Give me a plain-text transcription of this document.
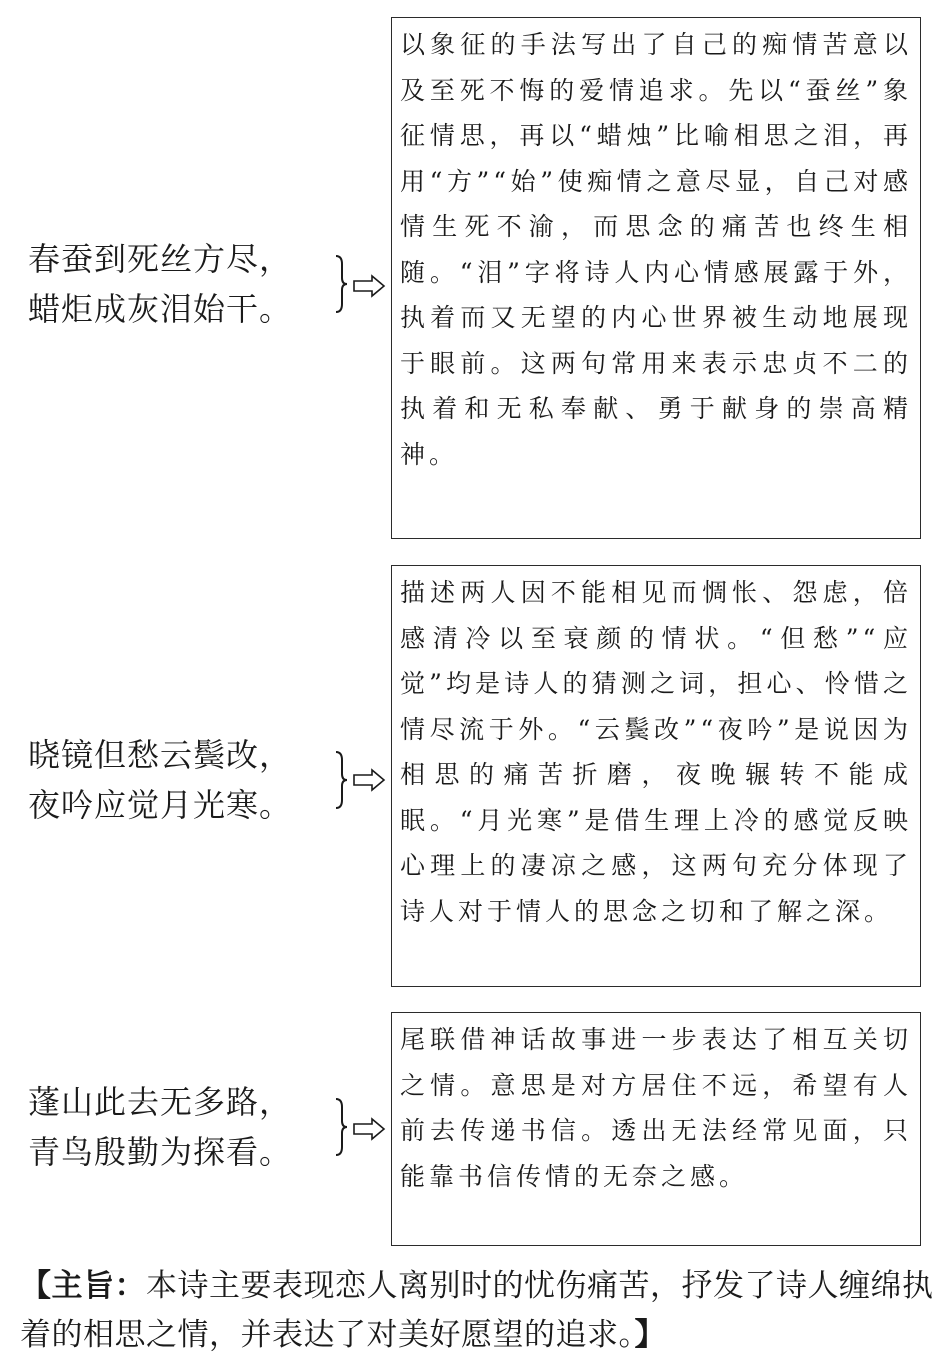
春蚕到死丝方尽，
蜡炬成灰泪始干。
以象征的手法写出了自己的痴情苦意以及至死不悔的爱情追求。先以“蚕丝”象征情思，再以“蜡烛”比喻相思之泪，再用“方”“始”使痴情之意尽显，自己对感情生死不渝，而思念的痛苦也终生相随。“泪”字将诗人内心情感展露于外，执着而又无望的内心世界被生动地展现于眼前。这两句常用来表示忠贞不二的执着和无私奉献、勇于献身的崇高精神。
晓镜但愁云鬓改，
夜吟应觉月光寒。
描述两人因不能相见而惆怅、怨虑，倍感清冷以至衰颜的情状。“但愁”“应觉”均是诗人的猜测之词，担心、怜惜之情尽流于外。“云鬓改”“夜吟”是说因为相思的痛苦折磨，夜晚辗转不能成眠。“月光寒”是借生理上冷的感觉反映心理上的凄凉之感，这两句充分体现了诗人对于情人的思念之切和了解之深。
蓬山此去无多路，
青鸟殷勤为探看。
尾联借神话故事进一步表达了相互关切之情。意思是对方居住不远，希望有人前去传递书信。透出无法经常见面，只能靠书信传情的无奈之感。
【主旨：本诗主要表现恋人离别时的忧伤痛苦，抒发了诗人缠绵执着的相思之情，并表达了对美好愿望的追求。】
